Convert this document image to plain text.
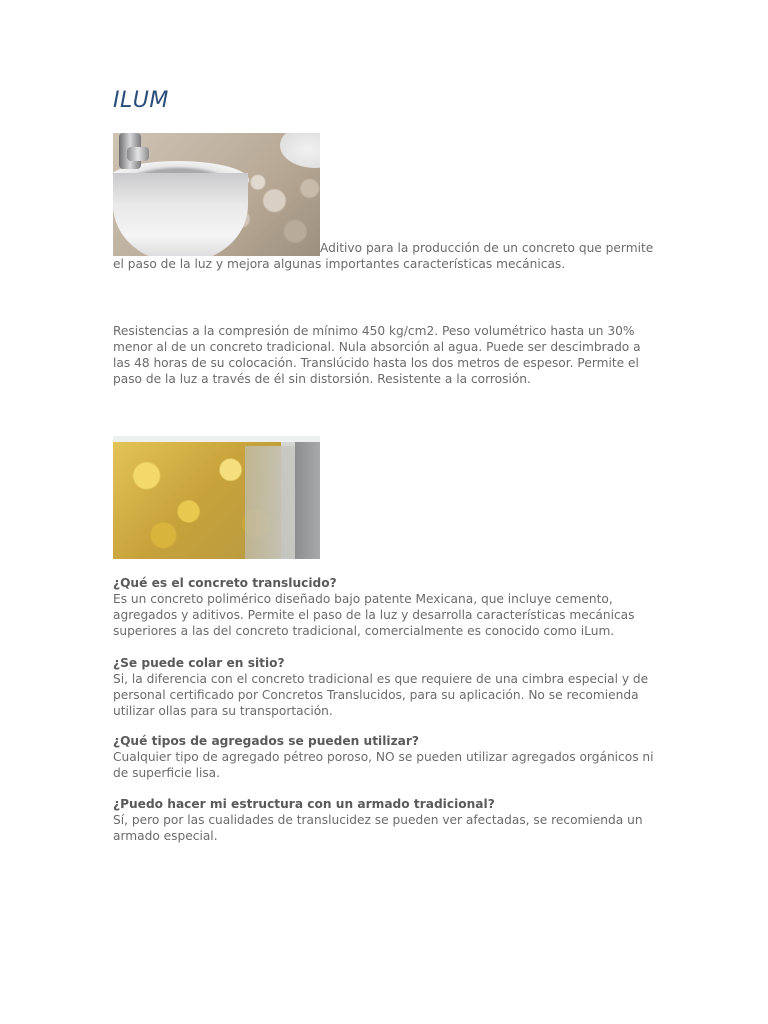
ILUM
Aditivo para la producción de un concreto que permite el paso de la luz y mejora algunas importantes características mecánicas.

Resistencias a la compresión de mínimo 450 kg/cm2. Peso volumétrico hasta un 30% menor al de un concreto tradicional. Nula absorción al agua. Puede ser descimbrado a las 48 horas de su colocación. Translúcido hasta los dos metros de espesor. Permite el paso de la luz a través de él sin distorsión. Resistente a la corrosión.

¿Qué es el concreto translucido?
Es un concreto polimérico diseñado bajo patente Mexicana, que incluye cemento, agregados y aditivos. Permite el paso de la luz y desarrolla características mecánicas superiores a las del concreto tradicional, comercialmente es conocido como iLum.
¿Se puede colar en sitio?
Si, la diferencia con el concreto tradicional es que requiere de una cimbra especial y de personal certificado por Concretos Translucidos, para su aplicación. No se recomienda utilizar ollas para su transportación.
¿Qué tipos de agregados se pueden utilizar?
Cualquier tipo de agregado pétreo poroso, NO se pueden utilizar agregados orgánicos ni de superficie lisa.
¿Puedo hacer mi estructura con un armado tradicional?
Sí, pero por las cualidades de translucidez se pueden ver afectadas, se recomienda un armado especial.
